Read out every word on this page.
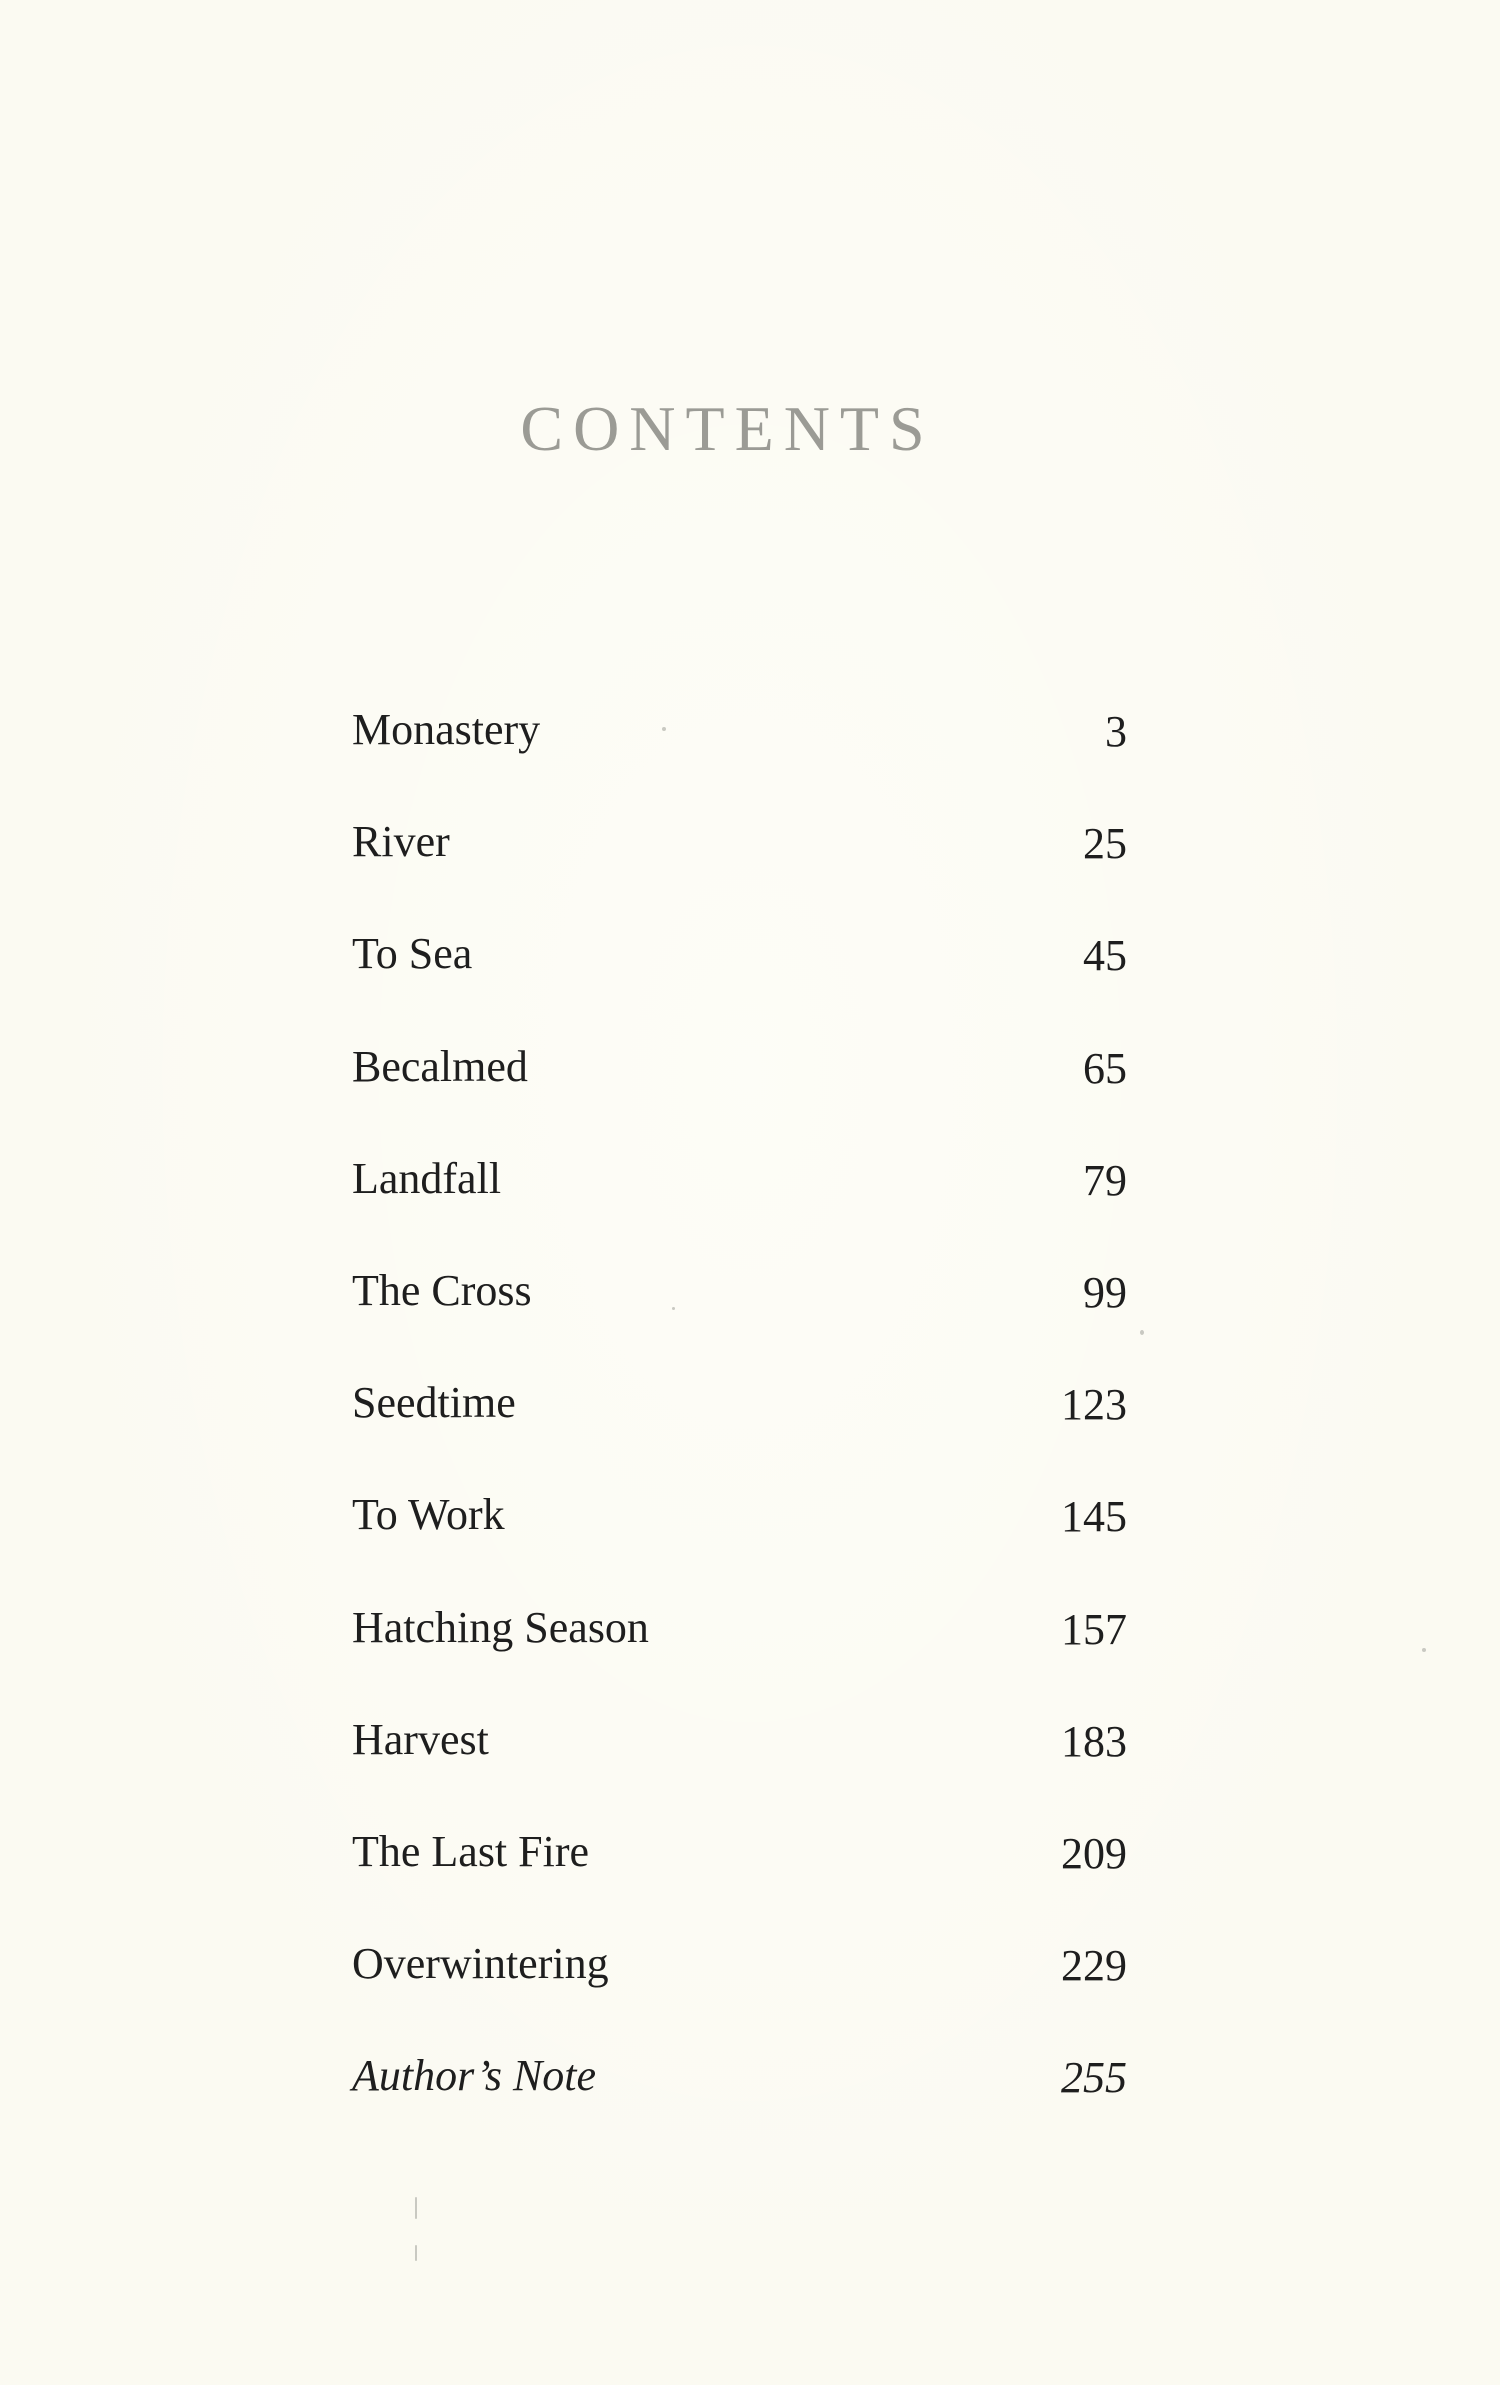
CONTENTS
Monastery	3
River	25
To Sea	45
Becalmed	65
Landfall	79
The Cross	99
Seedtime	123
To Work	145
Hatching Season	157
Harvest	183
The Last Fire	209
Overwintering	229
Author’s Note	255
